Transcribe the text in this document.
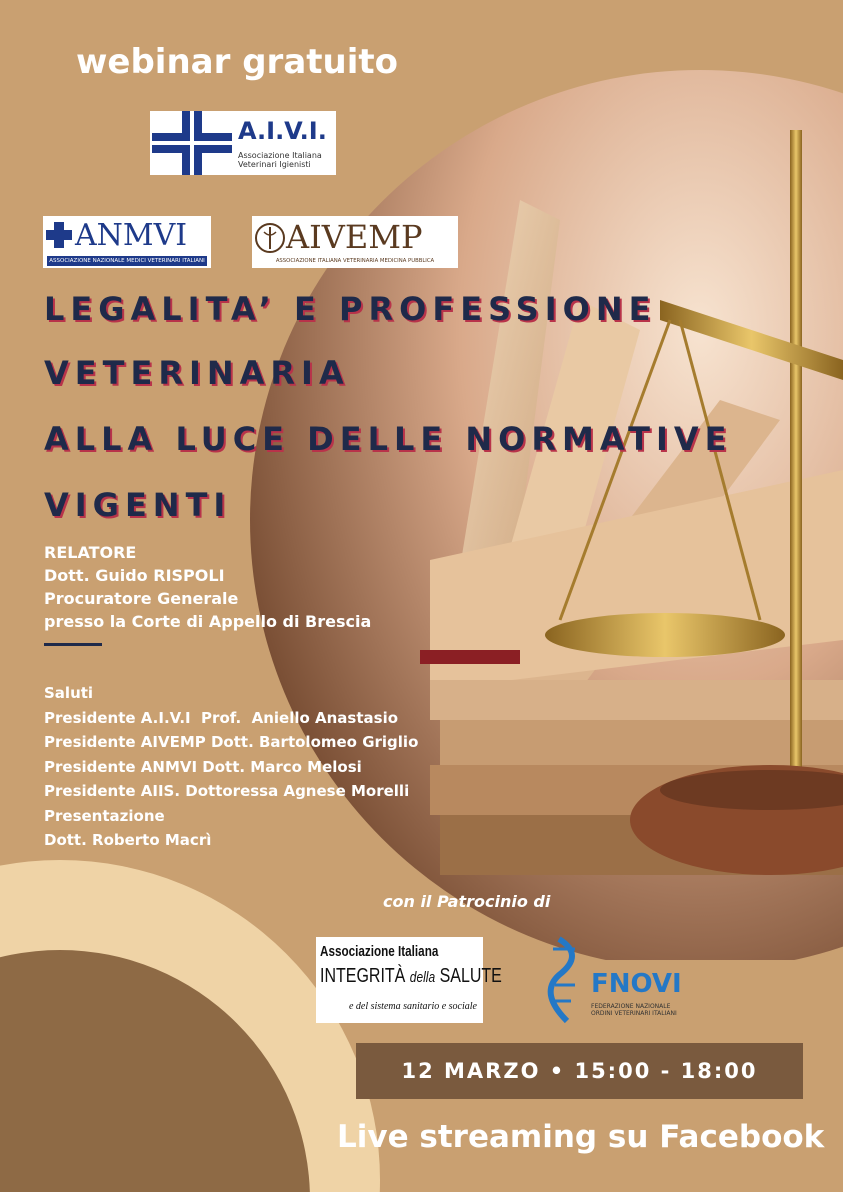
webinar gratuito
A.I.V.I.
Associazione Italiana
Veterinari Igienisti
ANMVI
ASSOCIAZIONE NAZIONALE MEDICI VETERINARI ITALIANI
AIVEMP
ASSOCIAZIONE ITALIANA VETERINARIA MEDICINA PUBBLICA
LEGALITA’ E PROFESSIONE
VETERINARIA
ALLA LUCE DELLE NORMATIVE
VIGENTI
RELATORE
Dott. Guido RISPOLI
Procuratore Generale
presso la Corte di Appello di Brescia
Saluti
Presidente A.I.V.I  Prof.  Aniello Anastasio
Presidente AIVEMP Dott. Bartolomeo Griglio
Presidente ANMVI Dott. Marco Melosi
Presidente AIIS. Dottoressa Agnese Morelli
Presentazione
Dott. Roberto Macrì
con il Patrocinio di
Associazione Italiana
INTEGRITÀ della SALUTE
e del sistema sanitario e sociale
FNOVI
FEDERAZIONE NAZIONALE
ORDINI VETERINARI ITALIANI
12 MARZO • 15:00 - 18:00
Live streaming su Facebook
